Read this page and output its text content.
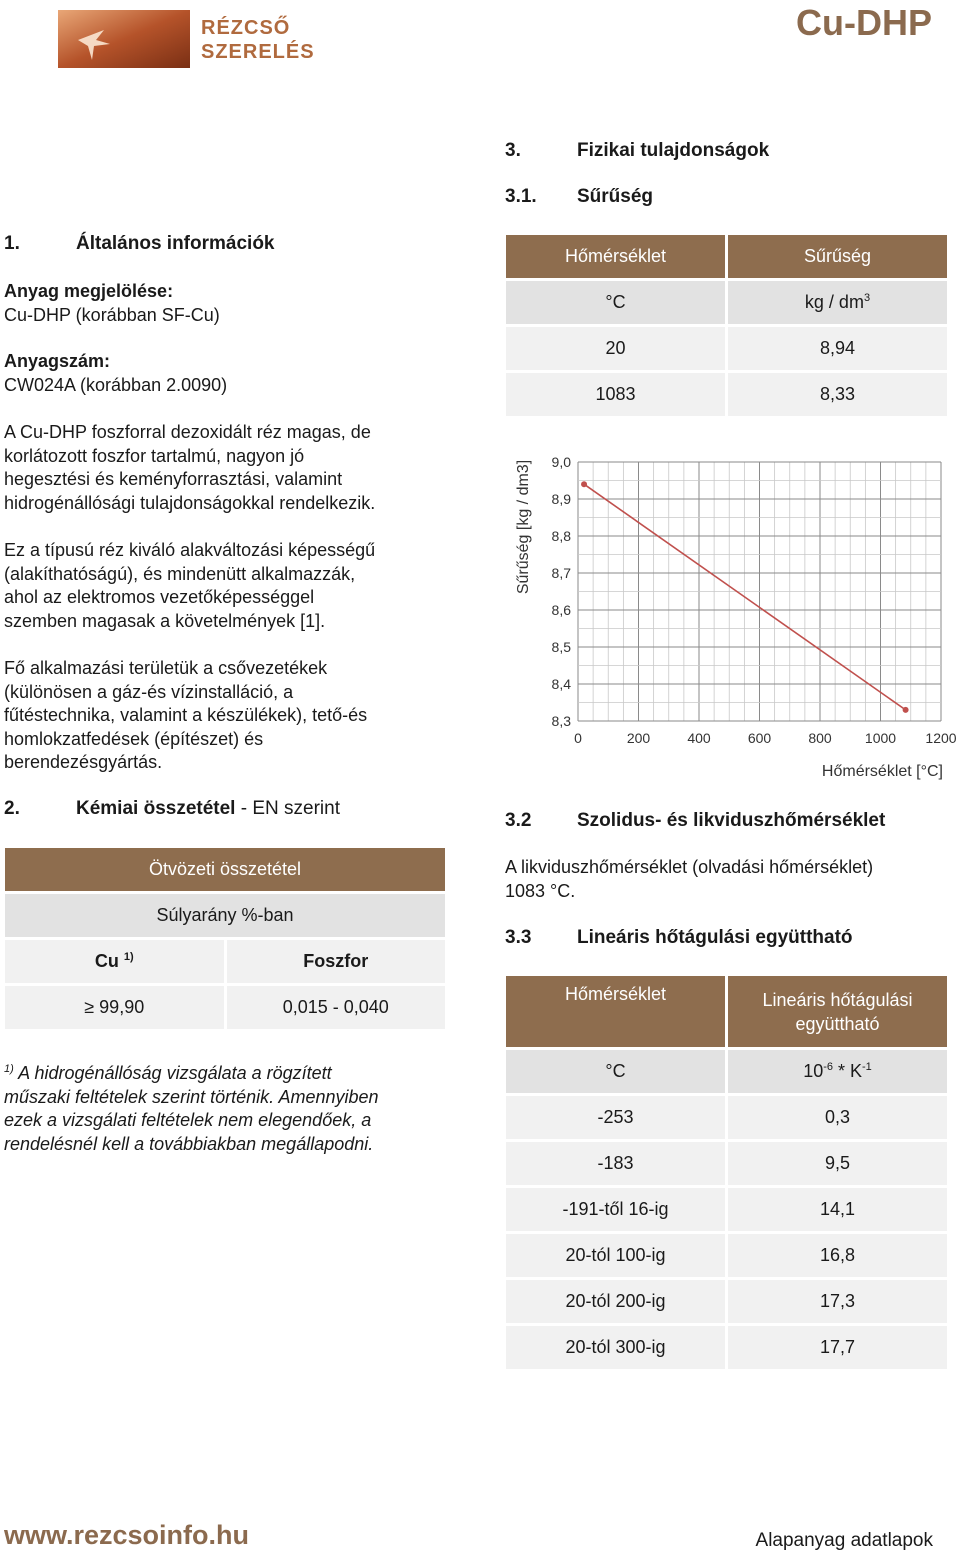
RÉZCSŐ
SZERELÉS
Cu-DHP
1.	Általános információk
Anyag megjelölése:
Cu-DHP (korábban SF-Cu)
Anyagszám:
CW024A (korábban 2.0090)
A Cu-DHP foszforral dezoxidált réz magas, de
korlátozott foszfor tartalmú, nagyon jó
hegesztési és keményforrasztási, valamint
hidrogénállósági tulajdonságokkal rendelkezik.
Ez a típusú réz kiváló alakváltozási képességű
(alakíthatóságú), és mindenütt alkalmazzák,
ahol az elektromos vezetőképességgel
szemben magasak a követelmények [1].
Fő alkalmazási területük a csővezetékek
(különösen a gáz-és vízinstalláció, a
fűtéstechnika, valamint a készülékek), tető-és
homlokzatfedések (építészet) és
berendezésgyártás.
2.	Kémiai összetétel - EN szerint
Ötvözeti összetétel	
Súlyarány %-ban	
Cu $^{1)}$	Foszfor
≥ 99,90	0,015 - 0,040
$^{1)}$ A hidrogénállóság vizsgálata a rögzített
műszaki feltételek szerint történik. Amennyiben
ezek a vizsgálati feltételek nem elegendőek, a
rendelésnél kell a továbbiakban megállapodni.
3.	Fizikai tulajdonságok
3.1. Sűrűség
Hőmérséklet	Sűrűség
°C	kg / $dm^3$
20	8,94
1083	8,33
9,0
8,9
8,8
8,7
8,6
8,5
8,4
8,3
0	200	400	600	800 1000 1200
Sűrűség [kg / dm3]
Hőmérséklet [°C]
3.2 Szolidus- és likviduszhőmérséklet
A likviduszhőmérséklet (olvadási hőmérséklet)
1083 °C.
3.3 Lineáris hőtágulási együttható
Hőmérséklet	Lineáris hőtágulási
együttható

°C	$10^{-6} * K^{-1}$
-253	0,3
-183	9,5
-191-től 16-ig	14,1
20-tól 100-ig	16,8
20-tól 200-ig	17,3
20-tól 300-ig	17,7
www.rezcsoinfo.hu	Alapanyag adatlapok
